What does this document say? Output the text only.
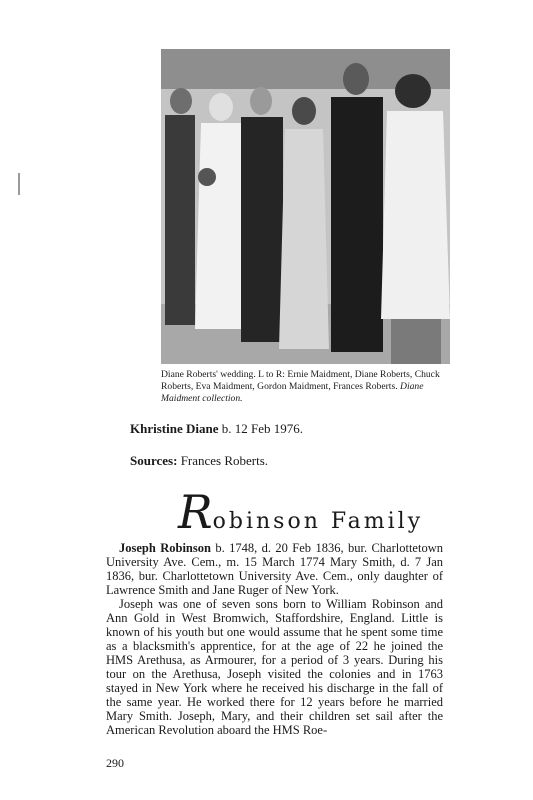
Diane Roberts' wedding. L to R: Ernie Maidment, Diane Roberts, Chuck Roberts, Eva Maidment, Gordon Maidment, Frances Roberts. Diane Maidment collection.
Khristine Diane b. 12 Feb 1976.
Sources: Frances Roberts.
Robinson Family

Joseph Robinson b. 1748, d. 20 Feb 1836, bur. Charlottetown University Ave. Cem., m. 15 March 1774 Mary Smith, d. 7 Jan 1836, bur. Charlottetown University Ave. Cem., only daughter of Lawrence Smith and Jane Ruger of New York.

Joseph was one of seven sons born to William Robinson and Ann Gold in West Bromwich, Staffordshire, England. Little is known of his youth but one would assume that he spent some time as a blacksmith's apprentice, for at the age of 22 he joined the HMS Arethusa, as Armourer, for a period of 3 years. During his tour on the Arethusa, Joseph visited the colonies and in 1763 stayed in New York where he received his discharge in the fall of the same year. He worked there for 12 years before he married Mary Smith. Joseph, Mary, and their children set sail after the American Revolution aboard the HMS Roe-

290
